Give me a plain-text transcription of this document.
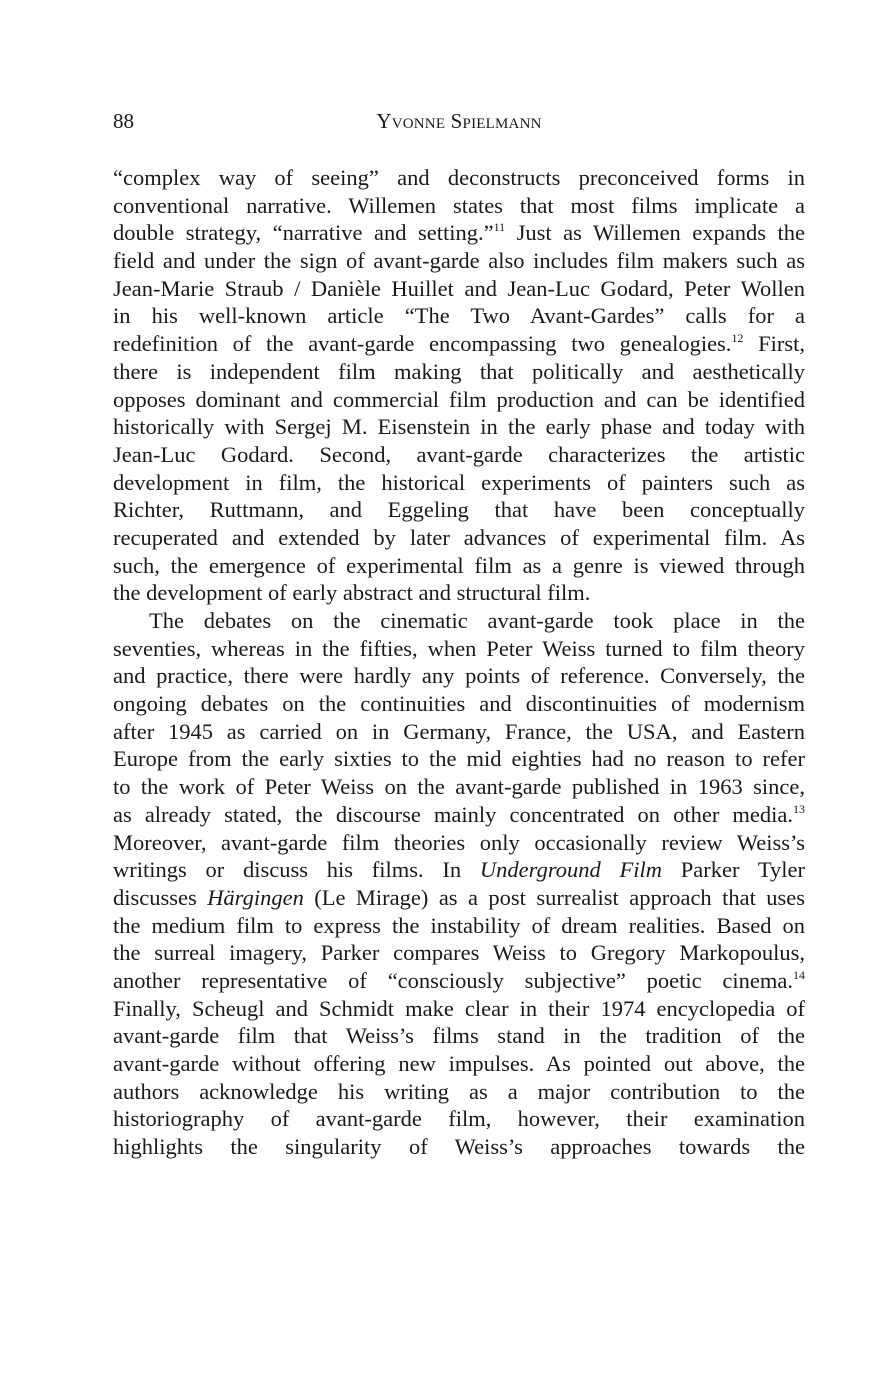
88	Yvonne Spielmann
“complex way of seeing” and deconstructs preconceived forms in
conventional narrative. Willemen states that most films implicate a
double strategy, “narrative and setting.”$^{11}$ Just as Willemen expands the
field and under the sign of avant-garde also includes film makers such as
Jean-Marie Straub / Danièle Huillet and Jean-Luc Godard, Peter Wollen
in his well-known article “The Two Avant-Gardes” calls for a
redefinition of the avant-garde encompassing two genealogies.$^{12}$ First,
there is independent film making that politically and aesthetically
opposes dominant and commercial film production and can be identified
historically with Sergej M. Eisenstein in the early phase and today with
Jean-Luc Godard. Second, avant-garde characterizes the artistic
development in film, the historical experiments of painters such as
Richter, Ruttmann, and Eggeling that have been conceptually
recuperated and extended by later advances of experimental film. As
such, the emergence of experimental film as a genre is viewed through
the development of early abstract and structural film.
The debates on the cinematic avant-garde took place in the
seventies, whereas in the fifties, when Peter Weiss turned to film theory
and practice, there were hardly any points of reference. Conversely, the
ongoing debates on the continuities and discontinuities of modernism
after 1945 as carried on in Germany, France, the USA, and Eastern
Europe from the early sixties to the mid eighties had no reason to refer
to the work of Peter Weiss on the avant-garde published in 1963 since,
as already stated, the discourse mainly concentrated on other media.$^{13}$
Moreover, avant-garde film theories only occasionally review Weiss’s
writings or discuss his films. In Underground Film Parker Tyler
discusses Härgingen (Le Mirage) as a post surrealist approach that uses
the medium film to express the instability of dream realities. Based on
the surreal imagery, Parker compares Weiss to Gregory Markopoulus,
another representative of “consciously subjective” poetic cinema.$^{14}$
Finally, Scheugl and Schmidt make clear in their 1974 encyclopedia of
avant-garde film that Weiss’s films stand in the tradition of the
avant-garde without offering new impulses. As pointed out above, the
authors acknowledge his writing as a major contribution to the
historiography of avant-garde film, however, their examination
highlights the singularity of Weiss’s approaches towards the
